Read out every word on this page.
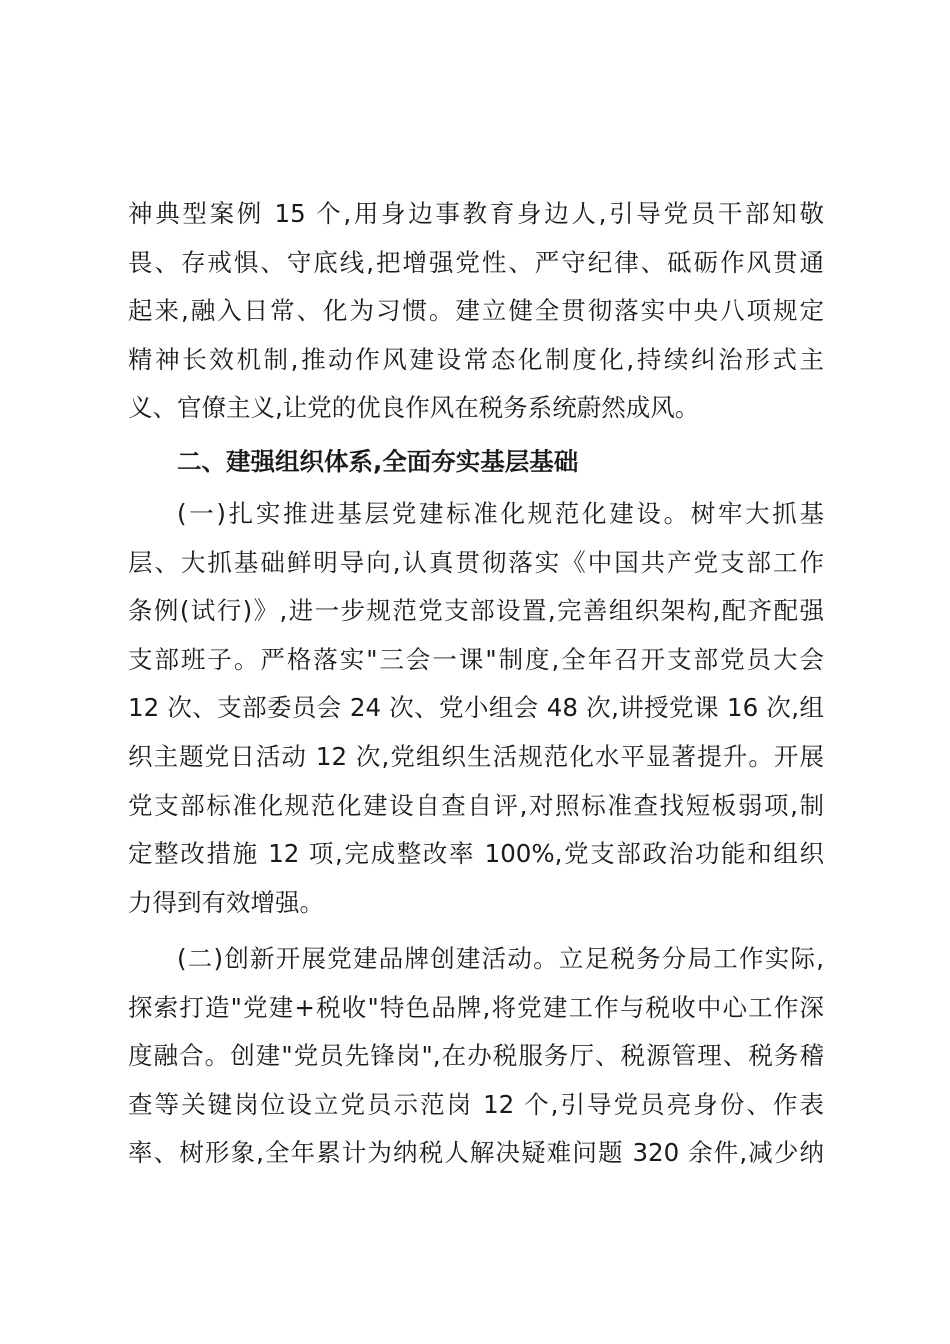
神典型案例 15 个,用身边事教育身边人,引导党员干部知敬
畏、存戒惧、守底线,把增强党性、严守纪律、砥砺作风贯通
起来,融入日常、化为习惯。建立健全贯彻落实中央八项规定
精神长效机制,推动作风建设常态化制度化,持续纠治形式主
义、官僚主义,让党的优良作风在税务系统蔚然成风。
二、建强组织体系,全面夯实基层基础
(一)扎实推进基层党建标准化规范化建设。树牢大抓基
层、大抓基础鲜明导向,认真贯彻落实《中国共产党支部工作
条例(试行)》,进一步规范党支部设置,完善组织架构,配齐配强
支部班子。严格落实"三会一课"制度,全年召开支部党员大会
12 次、支部委员会 24 次、党小组会 48 次,讲授党课 16 次,组
织主题党日活动 12 次,党组织生活规范化水平显著提升。开展
党支部标准化规范化建设自查自评,对照标准查找短板弱项,制
定整改措施 12 项,完成整改率 100%,党支部政治功能和组织
力得到有效增强。
(二)创新开展党建品牌创建活动。立足税务分局工作实际,
探索打造"党建+税收"特色品牌,将党建工作与税收中心工作深
度融合。创建"党员先锋岗",在办税服务厅、税源管理、税务稽
查等关键岗位设立党员示范岗 12 个,引导党员亮身份、作表
率、树形象,全年累计为纳税人解决疑难问题 320 余件,减少纳
